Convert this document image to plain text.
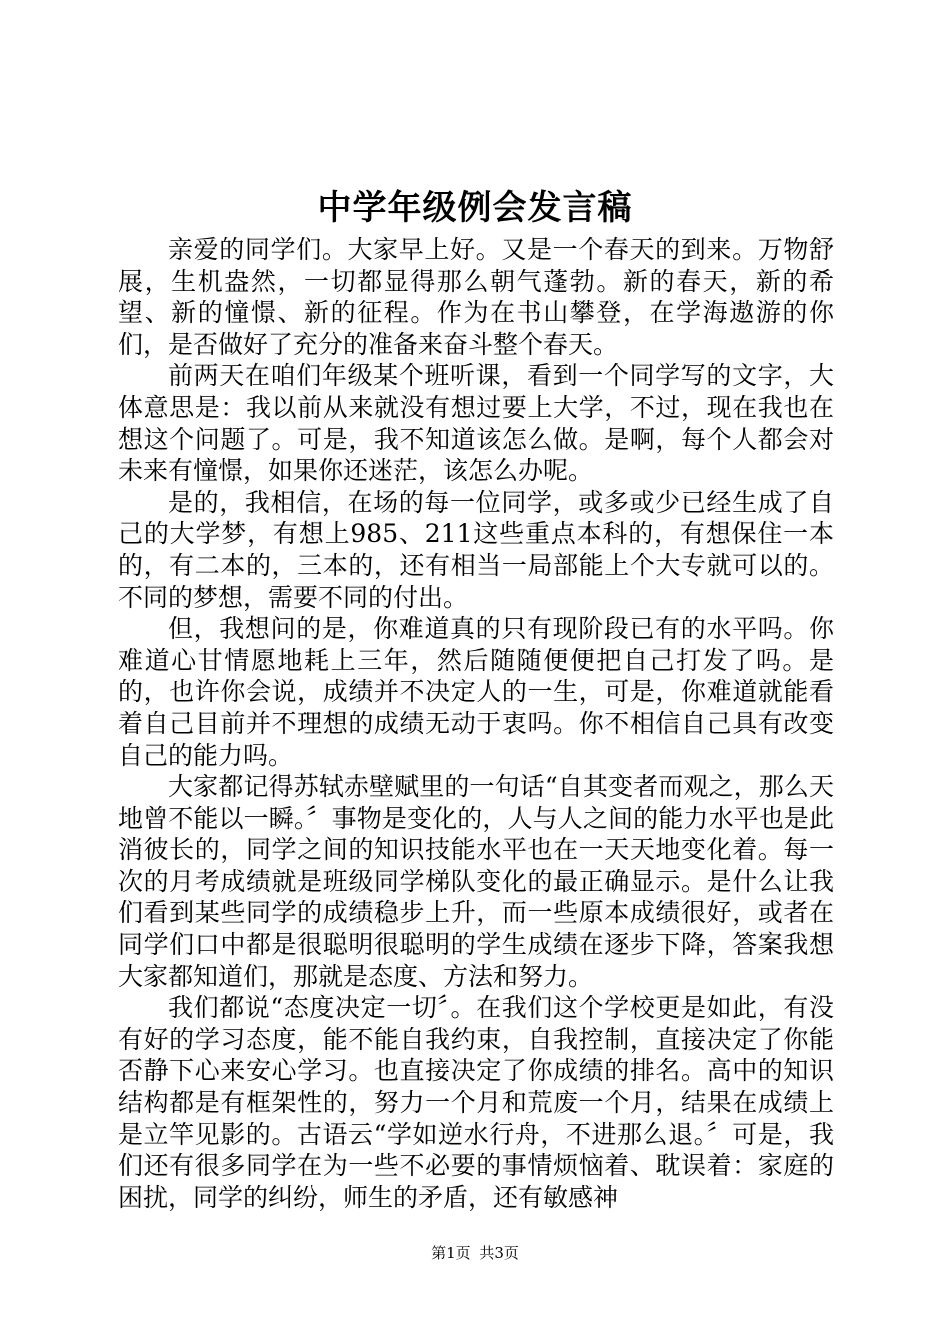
中学年级例会发言稿

亲爱的同学们。大家早上好。又是一个春天的到来。万物舒展，生机盎然，一切都显得那么朝气蓬勃。新的春天，新的希望、新的憧憬、新的征程。作为在书山攀登，在学海遨游的你们，是否做好了充分的准备来奋斗整个春天。

前两天在咱们年级某个班听课，看到一个同学写的文字，大体意思是：我以前从来就没有想过要上大学，不过，现在我也在想这个问题了。可是，我不知道该怎么做。是啊，每个人都会对未来有憧憬，如果你还迷茫，该怎么办呢。

是的，我相信，在场的每一位同学，或多或少已经生成了自己的大学梦，有想上985、211这些重点本科的，有想保住一本的，有二本的，三本的，还有相当一局部能上个大专就可以的。不同的梦想，需要不同的付出。

但，我想问的是，你难道真的只有现阶段已有的水平吗。你难道心甘情愿地耗上三年，然后随随便便把自己打发了吗。是的，也许你会说，成绩并不决定人的一生，可是，你难道就能看着自己目前并不理想的成绩无动于衷吗。你不相信自己具有改变自己的能力吗。

大家都记得苏轼赤壁赋里的一句话“自其变者而观之，那么天地曾不能以一瞬。〞事物是变化的，人与人之间的能力水平也是此消彼长的，同学之间的知识技能水平也在一天天地变化着。每一次的月考成绩就是班级同学梯队变化的最正确显示。是什么让我们看到某些同学的成绩稳步上升，而一些原本成绩很好，或者在同学们口中都是很聪明很聪明的学生成绩在逐步下降，答案我想大家都知道们，那就是态度、方法和努力。

我们都说“态度决定一切〞。在我们这个学校更是如此，有没有好的学习态度，能不能自我约束，自我控制，直接决定了你能否静下心来安心学习。也直接决定了你成绩的排名。高中的知识结构都是有框架性的，努力一个月和荒废一个月，结果在成绩上是立竿见影的。古语云“学如逆水行舟，不进那么退。〞可是，我们还有很多同学在为一些不必要的事情烦恼着、耽误着：家庭的困扰，同学的纠纷，师生的矛盾，还有敏感神

第1页 共3页
